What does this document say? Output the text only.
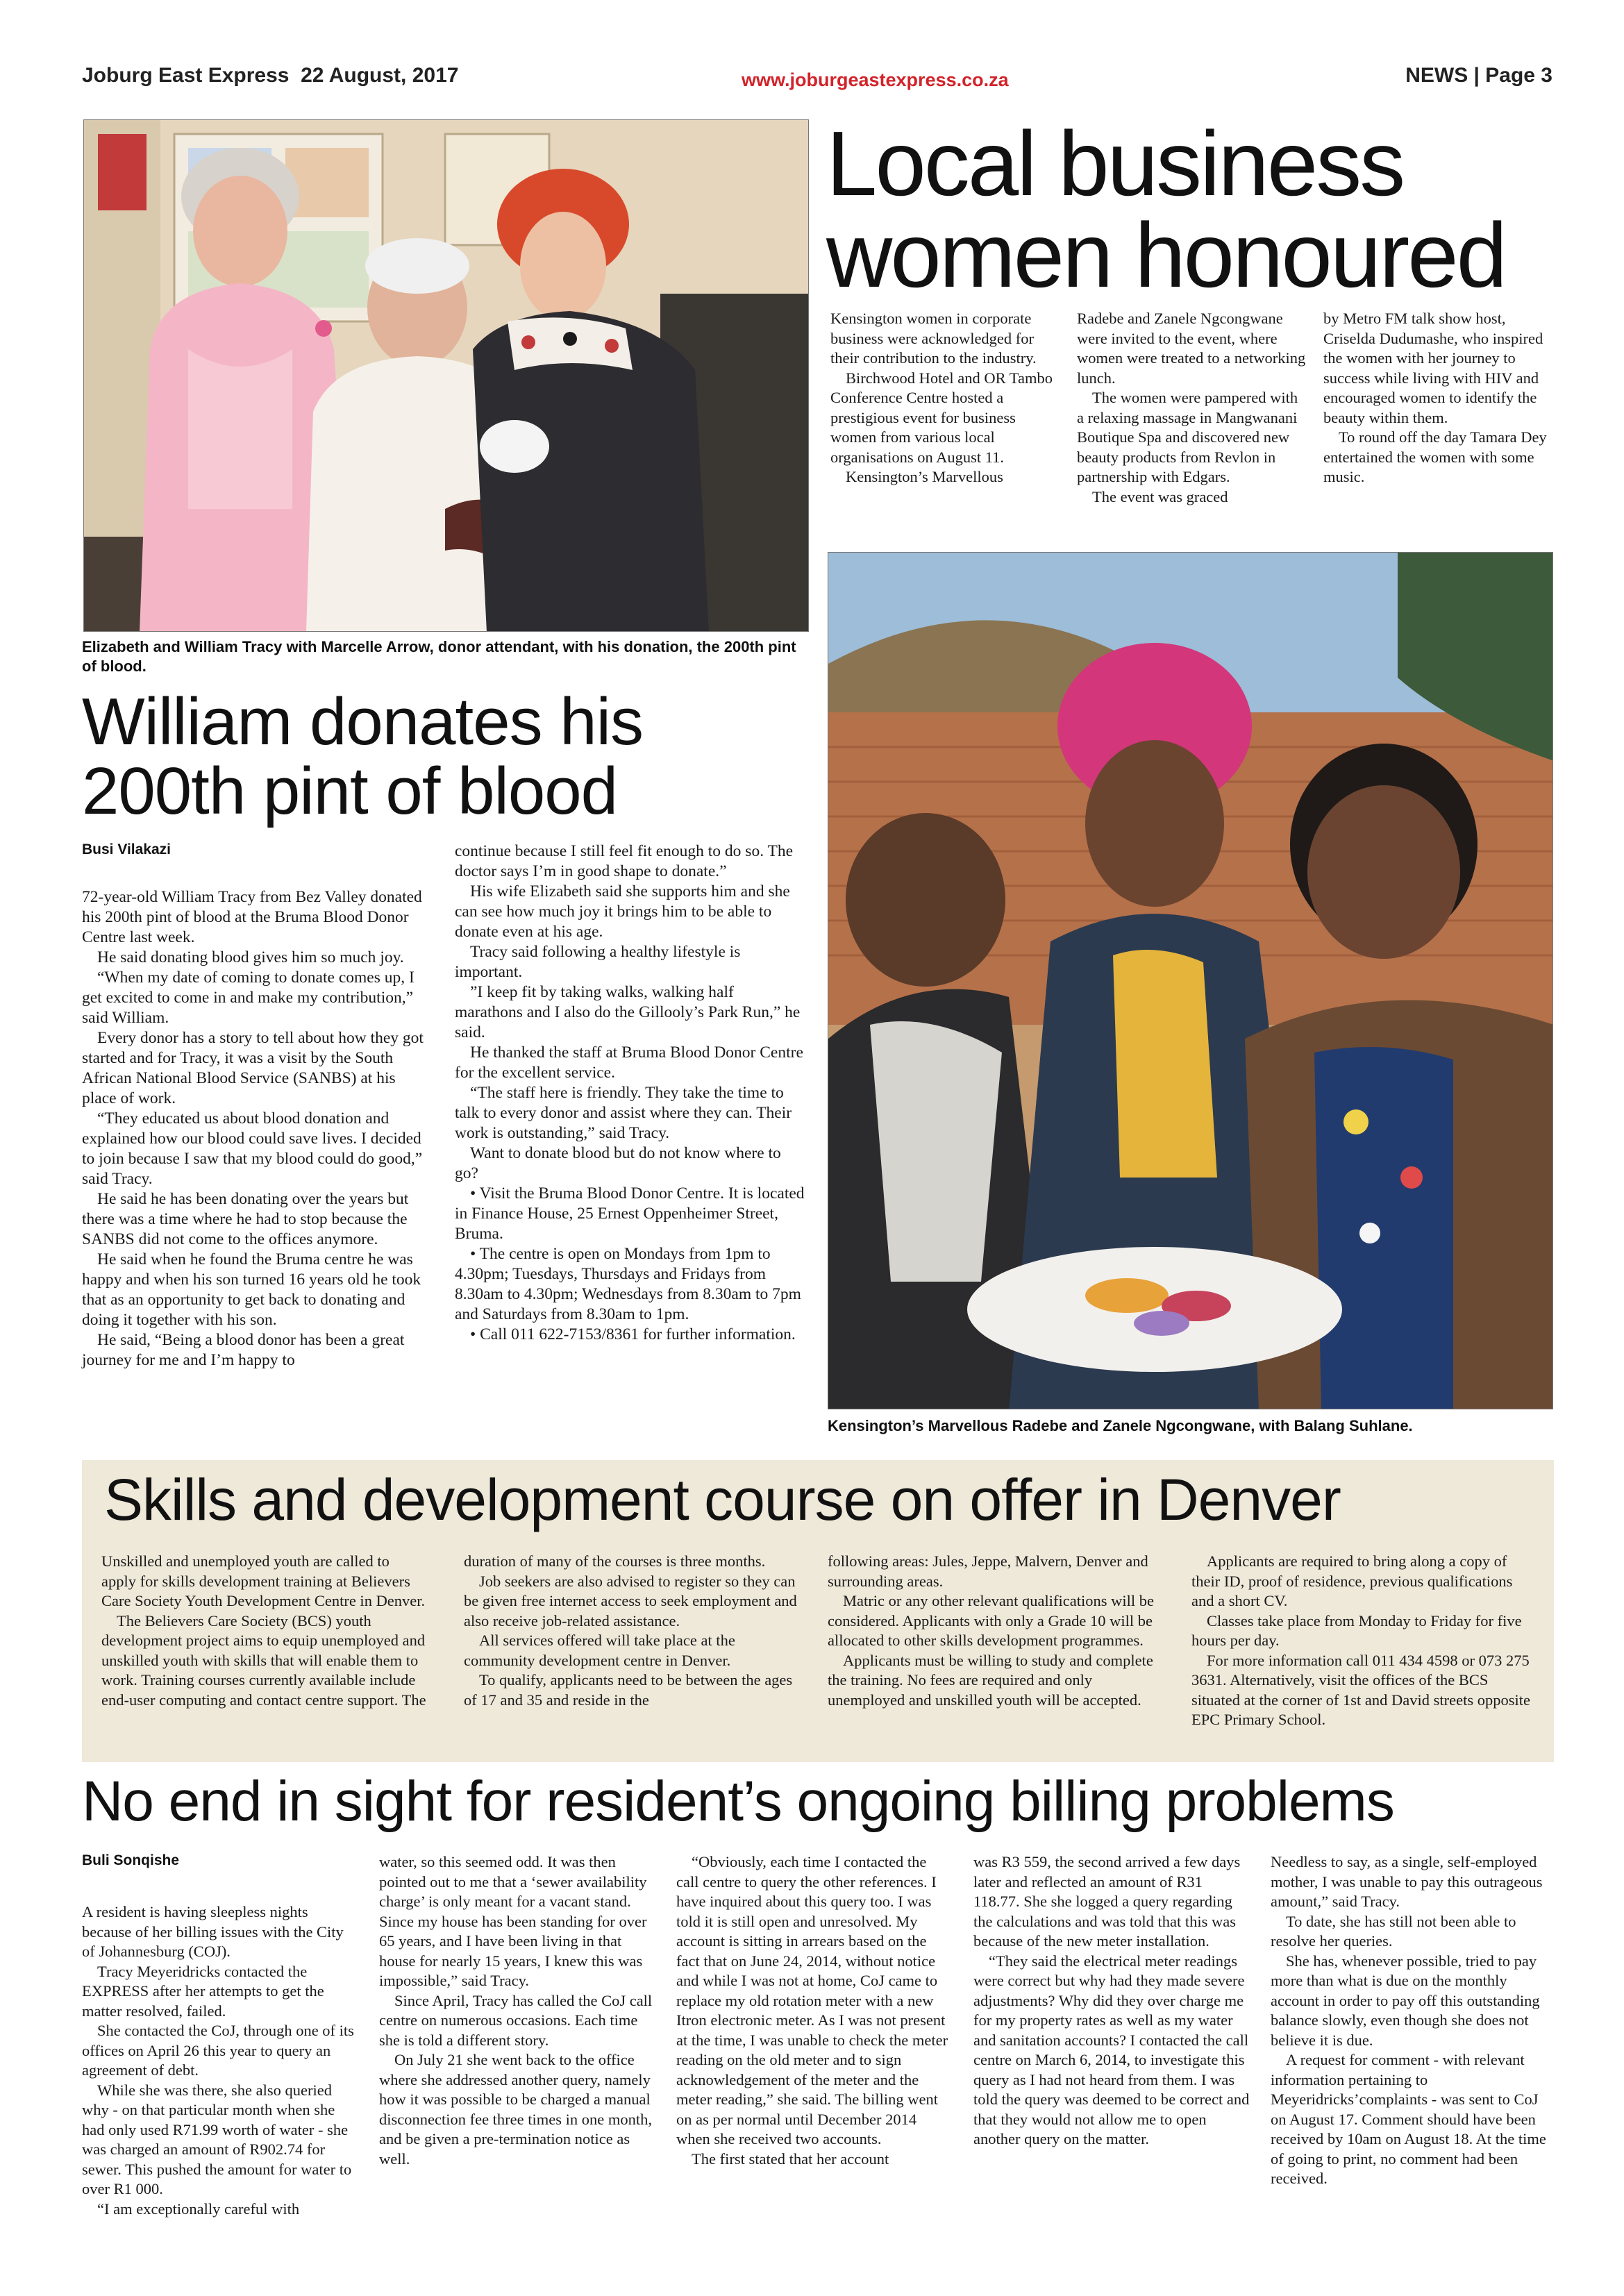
Joburg East Express 22 August, 2017	www.joburgeastexpress.co.za	NEWS | Page 3
Elizabeth and William Tracy with Marcelle Arrow, donor attendant, with his donation, the 200th pint of blood.
Local business
women honoured

Kensington women in corporate business were acknowledged for their contribution to the industry.

Birchwood Hotel and OR Tambo Conference Centre hosted a prestigious event for business women from various local organisations on August 11.

Kensington’s Marvellous

Radebe and Zanele Ngcongwane were invited to the event, where women were treated to a networking lunch.

The women were pampered with a relaxing massage in Mangwanani Boutique Spa and discovered new beauty products from Revlon in partnership with Edgars.

The event was graced

by Metro FM talk show host, Criselda Dudumashe, who inspired the women with her journey to success while living with HIV and encouraged women to identify the beauty within them.

To round off the day Tamara Dey entertained the women with some music.

Kensington’s Marvellous Radebe and Zanele Ngcongwane, with Balang Suhlane.
William donates his
200th pint of blood
Busi Vilakazi

72-year-old William Tracy from Bez Valley donated his 200th pint of blood at the Bruma Blood Donor Centre last week.

He said donating blood gives him so much joy.

“When my date of coming to donate comes up, I get excited to come in and make my contribution,” said William.

Every donor has a story to tell about how they got started and for Tracy, it was a visit by the South African National Blood Service (SANBS) at his place of work.

“They educated us about blood donation and explained how our blood could save lives. I decided to join because I saw that my blood could do good,” said Tracy.

He said he has been donating over the years but there was a time where he had to stop because the SANBS did not come to the offices anymore.

He said when he found the Bruma centre he was happy and when his son turned 16 years old he took that as an opportunity to get back to donating and doing it together with his son.

He said, “Being a blood donor has been a great journey for me and I’m happy to

continue because I still feel fit enough to do so. The doctor says I’m in good shape to donate.”

His wife Elizabeth said she supports him and she can see how much joy it brings him to be able to donate even at his age.

Tracy said following a healthy lifestyle is important.

”I keep fit by taking walks, walking half marathons and I also do the Gillooly’s Park Run,” he said.

He thanked the staff at Bruma Blood Donor Centre for the excellent service.

“The staff here is friendly. They take the time to talk to every donor and assist where they can. Their work is outstanding,” said Tracy.

Want to donate blood but do not know where to go?

• Visit the Bruma Blood Donor Centre. It is located in Finance House, 25 Ernest Oppenheimer Street, Bruma.

• The centre is open on Mondays from 1pm to 4.30pm; Tuesdays, Thursdays and Fridays from 8.30am to 4.30pm; Wednesdays from 8.30am to 7pm and Saturdays from 8.30am to 1pm.

• Call 011 622-7153/8361 for further information.

Skills and development course on offer in Denver

Unskilled and unemployed youth are called to apply for skills development training at Believers Care Society Youth Development Centre in Denver.

The Believers Care Society (BCS) youth development project aims to equip unemployed and unskilled youth with skills that will enable them to work. Training courses currently available include end-user computing and contact centre support. The

duration of many of the courses is three months.

Job seekers are also advised to register so they can be given free internet access to seek employment and also receive job-related assistance.

All services offered will take place at the community development centre in Denver.

To qualify, applicants need to be between the ages of 17 and 35 and reside in the

following areas: Jules, Jeppe, Malvern, Denver and surrounding areas.

Matric or any other relevant qualifications will be considered. Applicants with only a Grade 10 will be allocated to other skills development programmes.

Applicants must be willing to study and complete the training. No fees are required and only unemployed and unskilled youth will be accepted.

Applicants are required to bring along a copy of their ID, proof of residence, previous qualifications and a short CV.

Classes take place from Monday to Friday for five hours per day.

For more information call 011 434 4598 or 073 275 3631. Alternatively, visit the offices of the BCS situated at the corner of 1st and David streets opposite EPC Primary School.

No end in sight for resident’s ongoing billing problems
Buli Sonqishe

A resident is having sleepless nights because of her billing issues with the City of Johannesburg (COJ).

Tracy Meyeridricks contacted the EXPRESS after her attempts to get the matter resolved, failed.

She contacted the CoJ, through one of its offices on April 26 this year to query an agreement of debt.

While she was there, she also queried why - on that particular month when she had only used R71.99 worth of water - she was charged an amount of R902.74 for sewer. This pushed the amount for water to over R1 000.

“I am exceptionally careful with

water, so this seemed odd. It was then pointed out to me that a ‘sewer availability charge’ is only meant for a vacant stand. Since my house has been standing for over 65 years, and I have been living in that house for nearly 15 years, I knew this was impossible,” said Tracy.

Since April, Tracy has called the CoJ call centre on numerous occasions. Each time she is told a different story.

On July 21 she went back to the office where she addressed another query, namely how it was possible to be charged a manual disconnection fee three times in one month, and be given a pre-termination notice as well.

“Obviously, each time I contacted the call centre to query the other references. I have inquired about this query too. I was told it is still open and unresolved. My account is sitting in arrears based on the fact that on June 24, 2014, without notice and while I was not at home, CoJ came to replace my old rotation meter with a new Itron electronic meter. As I was not present at the time, I was unable to check the meter reading on the old meter and to sign acknowledgement of the meter and the meter reading,” she said. The billing went on as per normal until December 2014 when she received two accounts.

The first stated that her account

was R3 559, the second arrived a few days later and reflected an amount of R31 118.77. She she logged a query regarding the calculations and was told that this was because of the new meter installation.

“They said the electrical meter readings were correct but why had they made severe adjustments? Why did they over charge me for my property rates as well as my water and sanitation accounts? I contacted the call centre on March 6, 2014, to investigate this query as I had not heard from them. I was told the query was deemed to be correct and that they would not allow me to open another query on the matter.

Needless to say, as a single, self-employed mother, I was unable to pay this outrageous amount,” said Tracy.

To date, she has still not been able to resolve her queries.

She has, whenever possible, tried to pay more than what is due on the monthly account in order to pay off this outstanding balance slowly, even though she does not believe it is due.

A request for comment - with relevant information pertaining to Meyeridricks’complaints - was sent to CoJ on August 17. Comment should have been received by 10am on August 18. At the time of going to print, no comment had been received.
